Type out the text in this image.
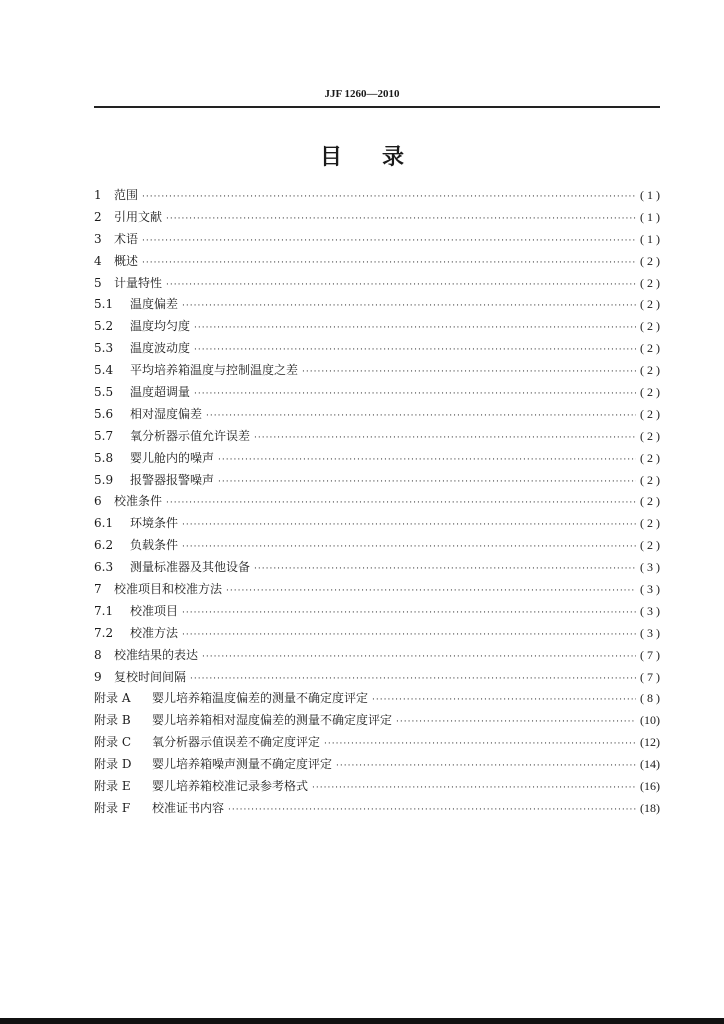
JJF 1260—2010
目录
1	范围 ·····	( 1 )
2	引用文献 ·····	( 1 )
3	术语 ·····	( 1 )
4	概述 ·····	( 2 )
5	计量特性 ·····	( 2 )
5.1	温度偏差 ·····	( 2 )
5.2	温度均匀度 ·····	( 2 )
5.3	温度波动度 ·····	( 2 )
5.4	平均培养箱温度与控制温度之差 ·····	( 2 )
5.5	温度超调量 ·····	( 2 )
5.6	相对湿度偏差 ·····	( 2 )
5.7	氧分析器示值允许误差 ·····	( 2 )
5.8	婴儿舱内的噪声 ·····	( 2 )
5.9	报警器报警噪声 ·····	( 2 )
6	校准条件 ·····	( 2 )
6.1	环境条件 ·····	( 2 )
6.2	负载条件 ·····	( 2 )
6.3	测量标准器及其他设备 ·····	( 3 )
7	校准项目和校准方法 ·····	( 3 )
7.1	校准项目 ·····	( 3 )
7.2	校准方法 ·····	( 3 )
8	校准结果的表达 ·····	( 7 )
9	复校时间间隔 ·····	( 7 )
附录 A	婴儿培养箱温度偏差的测量不确定度评定 ·····	( 8 )
附录 B	婴儿培养箱相对湿度偏差的测量不确定度评定 ·····	(10)
附录 C	氧分析器示值误差不确定度评定 ·····	(12)
附录 D	婴儿培养箱噪声测量不确定度评定 ·····	(14)
附录 E	婴儿培养箱校准记录参考格式 ·····	(16)
附录 F	校准证书内容 ·····	(18)
